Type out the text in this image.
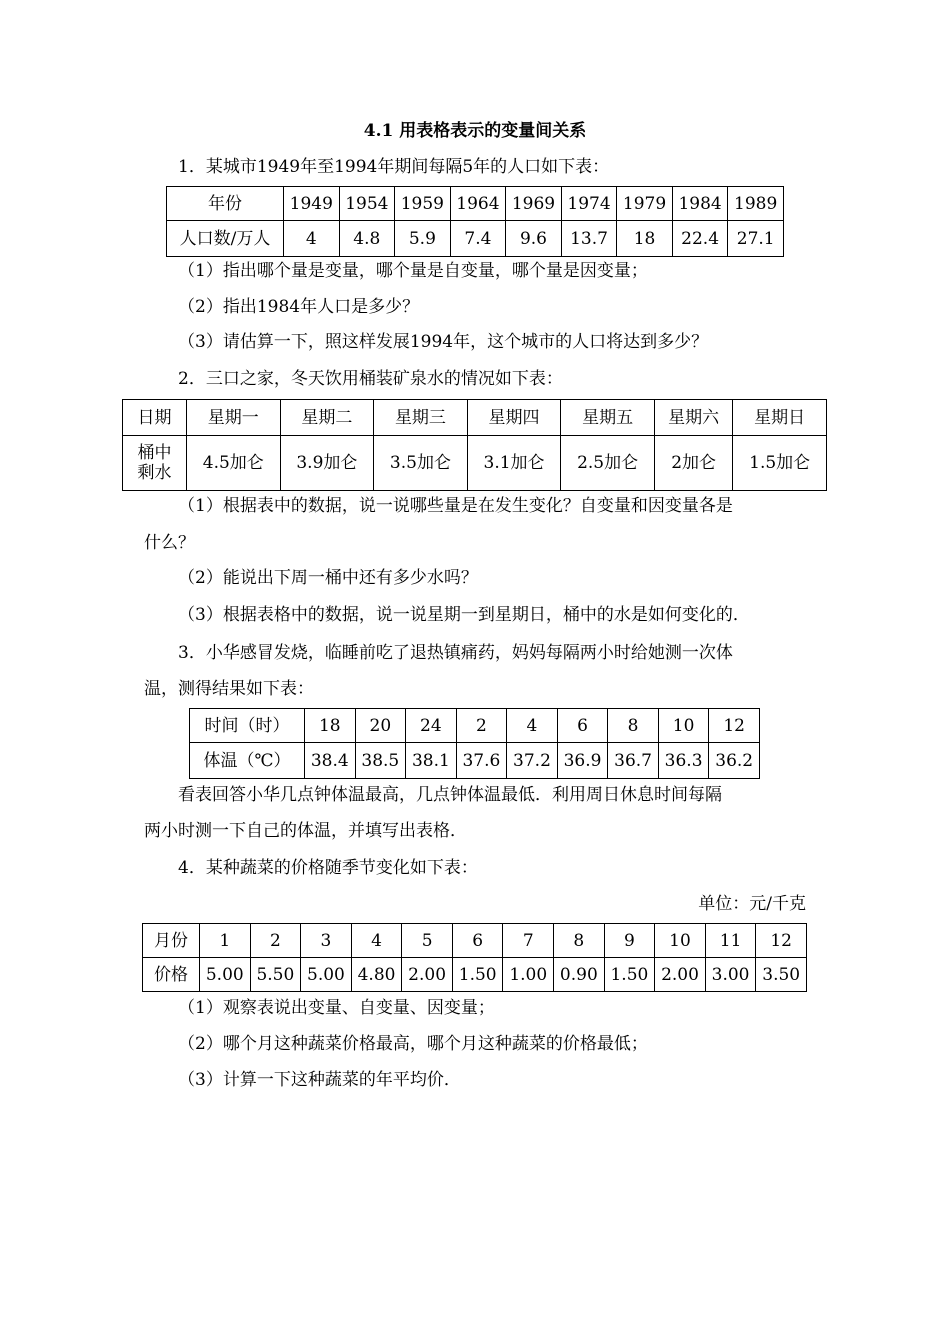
4.1 用表格表示的变量间关系
1．某城市1949年至1994年期间每隔5年的人口如下表：
年份	1949	1954	1959	1964	1969	1974	1979	1984	1989
人口数/万人	4	4.8	5.9	7.4	9.6	13.7	18	22.4	27.1
（1）指出哪个量是变量，哪个量是自变量，哪个量是因变量；
（2）指出1984年人口是多少？
（3）请估算一下，照这样发展1994年，这个城市的人口将达到多少？
2．三口之家，冬天饮用桶装矿泉水的情况如下表：
日期	星期一	星期二	星期三	星期四	星期五	星期六	星期日

桶中
剩水	4.5加仑	3.9加仑	3.5加仑	3.1加仑	2.5加仑	2加仑	1.5加仑
（1）根据表中的数据，说一说哪些量是在发生变化？自变量和因变量各是
什么？
（2）能说出下周一桶中还有多少水吗？
（3）根据表格中的数据，说一说星期一到星期日，桶中的水是如何变化的．
3．小华感冒发烧，临睡前吃了退热镇痛药，妈妈每隔两小时给她测一次体
温，测得结果如下表：
时间（时）	18	20	24	2	4	6	8	10	12
体温（℃）	38.4	38.5	38.1	37.6	37.2	36.9	36.7	36.3	36.2
看表回答小华几点钟体温最高，几点钟体温最低．利用周日休息时间每隔
两小时测一下自己的体温，并填写出表格．
4．某种蔬菜的价格随季节变化如下表：
单位：元/千克
月份	1	2	3	4	5	6	7	8	9	10	11	12
价格	5.00	5.50	5.00	4.80	2.00	1.50	1.00	0.90	1.50	2.00	3.00	3.50
（1）观察表说出变量、自变量、因变量；
（2）哪个月这种蔬菜价格最高，哪个月这种蔬菜的价格最低；
（3）计算一下这种蔬菜的年平均价．
